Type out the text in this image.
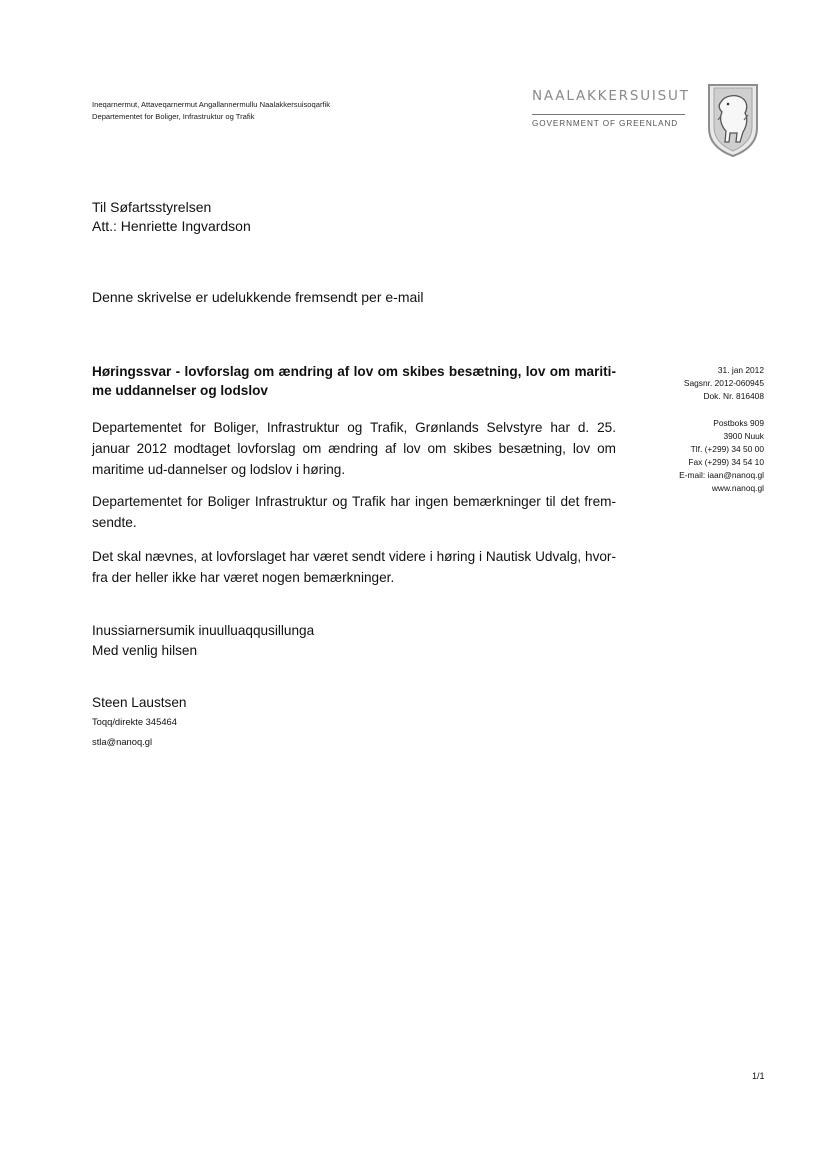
Ineqarnermut, Attaveqarnermut Angallannermullu Naalakkersuisoqarfik
Departementet for Boliger, Infrastruktur og Trafik
NAALAKKERSUISUT
GOVERNMENT OF GREENLAND
Til Søfartsstyrelsen
Att.: Henriette Ingvardson
Denne skrivelse er udelukkende fremsendt per e-mail
Høringssvar - lovforslag om ændring af lov om skibes besætning, lov om mariti-me uddannelser og lodslov
Departementet for Boliger, Infrastruktur og Trafik, Grønlands Selvstyre har d. 25. januar 2012 modtaget lovforslag om ændring af lov om skibes besætning, lov om maritime ud-dannelser og lodslov i høring.
Departementet for Boliger Infrastruktur og Trafik har ingen bemærkninger til det frem-sendte.
Det skal nævnes, at lovforslaget har været sendt videre i høring i Nautisk Udvalg, hvor-fra der heller ikke har været nogen bemærkninger.
31. jan 2012
Sagsnr. 2012-060945
Dok. Nr. 816408
Postboks 909
3900 Nuuk
Tlf. (+299) 34 50 00
Fax (+299) 34 54 10
E-mail: iaan@nanoq.gl
www.nanoq.gl
Inussiarnersumik inuulluaqqusillunga
Med venlig hilsen
Steen Laustsen
Toqq/direkte 345464
stla@nanoq.gl
1/1
